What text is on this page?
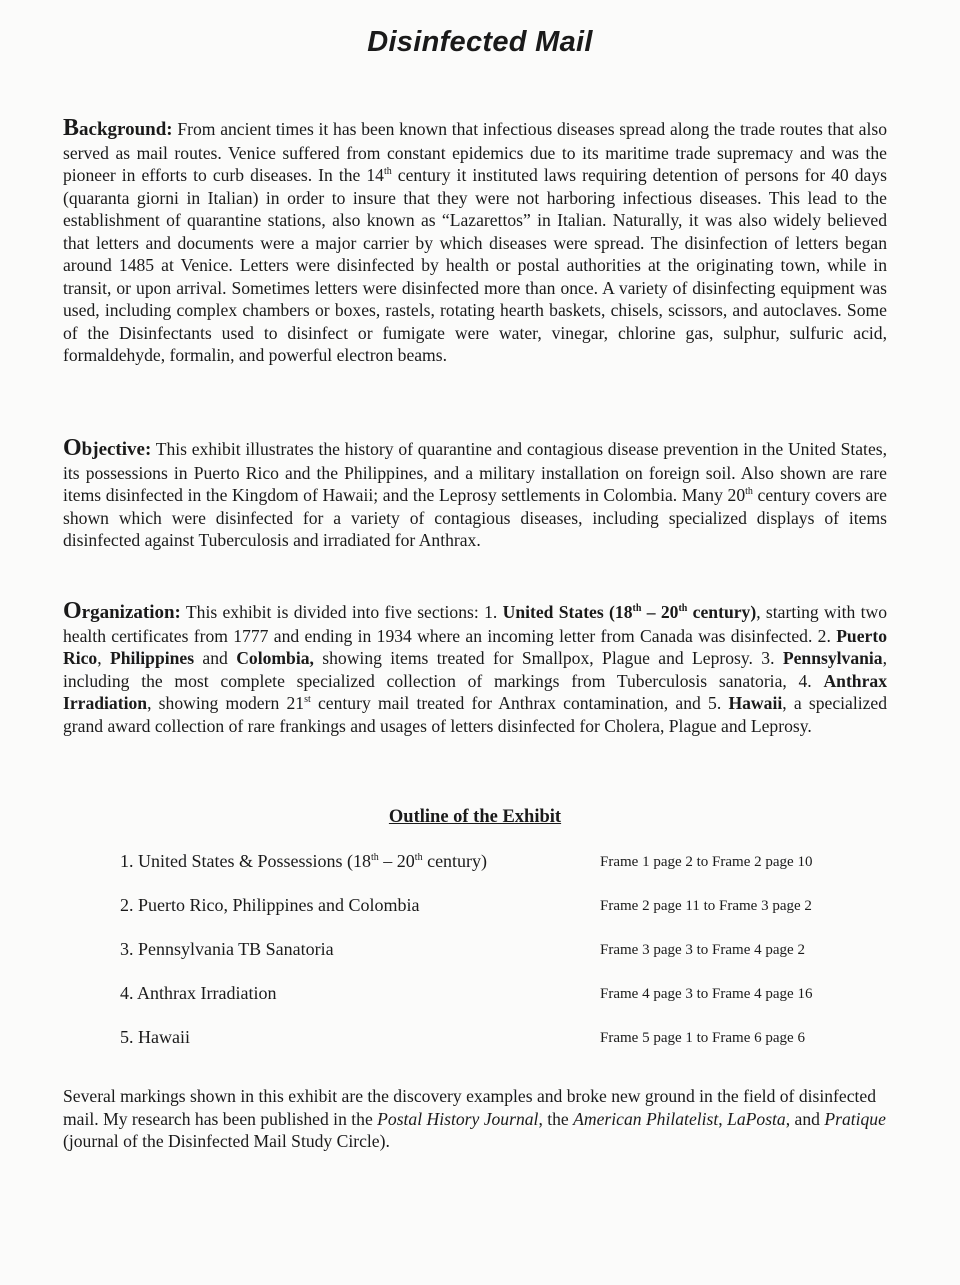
Disinfected Mail
Background: From ancient times it has been known that infectious diseases spread along the trade routes that also served as mail routes. Venice suffered from constant epidemics due to its maritime trade supremacy and was the pioneer in efforts to curb diseases. In the 14th century it instituted laws requiring detention of persons for 40 days (quaranta giorni in Italian) in order to insure that they were not harboring infectious diseases. This lead to the establishment of quarantine stations, also known as “Lazarettos” in Italian. Naturally, it was also widely believed that letters and documents were a major carrier by which diseases were spread. The disinfection of letters began around 1485 at Venice. Letters were disinfected by health or postal authorities at the originating town, while in transit, or upon arrival. Sometimes letters were disinfected more than once. A variety of disinfecting equipment was used, including complex chambers or boxes, rastels, rotating hearth baskets, chisels, scissors, and autoclaves. Some of the Disinfectants used to disinfect or fumigate were water, vinegar, chlorine gas, sulphur, sulfuric acid, formaldehyde, formalin, and powerful electron beams.
Objective: This exhibit illustrates the history of quarantine and contagious disease prevention in the United States, its possessions in Puerto Rico and the Philippines, and a military installation on foreign soil. Also shown are rare items disinfected in the Kingdom of Hawaii; and the Leprosy settlements in Colombia. Many 20th century covers are shown which were disinfected for a variety of contagious diseases, including specialized displays of items disinfected against Tuberculosis and irradiated for Anthrax.
Organization: This exhibit is divided into five sections: 1. United States (18th – 20th century), starting with two health certificates from 1777 and ending in 1934 where an incoming letter from Canada was disinfected. 2. Puerto Rico, Philippines and Colombia, showing items treated for Smallpox, Plague and Leprosy. 3. Pennsylvania, including the most complete specialized collection of markings from Tuberculosis sanatoria, 4. Anthrax Irradiation, showing modern 21st century mail treated for Anthrax contamination, and 5. Hawaii, a specialized grand award collection of rare frankings and usages of letters disinfected for Cholera, Plague and Leprosy.
Outline of the Exhibit
1. United States & Possessions (18th – 20th century)	Frame 1 page 2 to Frame 2 page 10
2. Puerto Rico, Philippines and Colombia	Frame 2 page 11 to Frame 3 page 2
3. Pennsylvania TB Sanatoria	Frame 3 page 3 to Frame 4 page 2
4. Anthrax Irradiation	Frame 4 page 3 to Frame 4 page 16
5. Hawaii	Frame 5 page 1 to Frame 6 page 6
Several markings shown in this exhibit are the discovery examples and broke new ground in the field of disinfected mail. My research has been published in the Postal History Journal, the American Philatelist, LaPosta, and Pratique (journal of the Disinfected Mail Study Circle).
